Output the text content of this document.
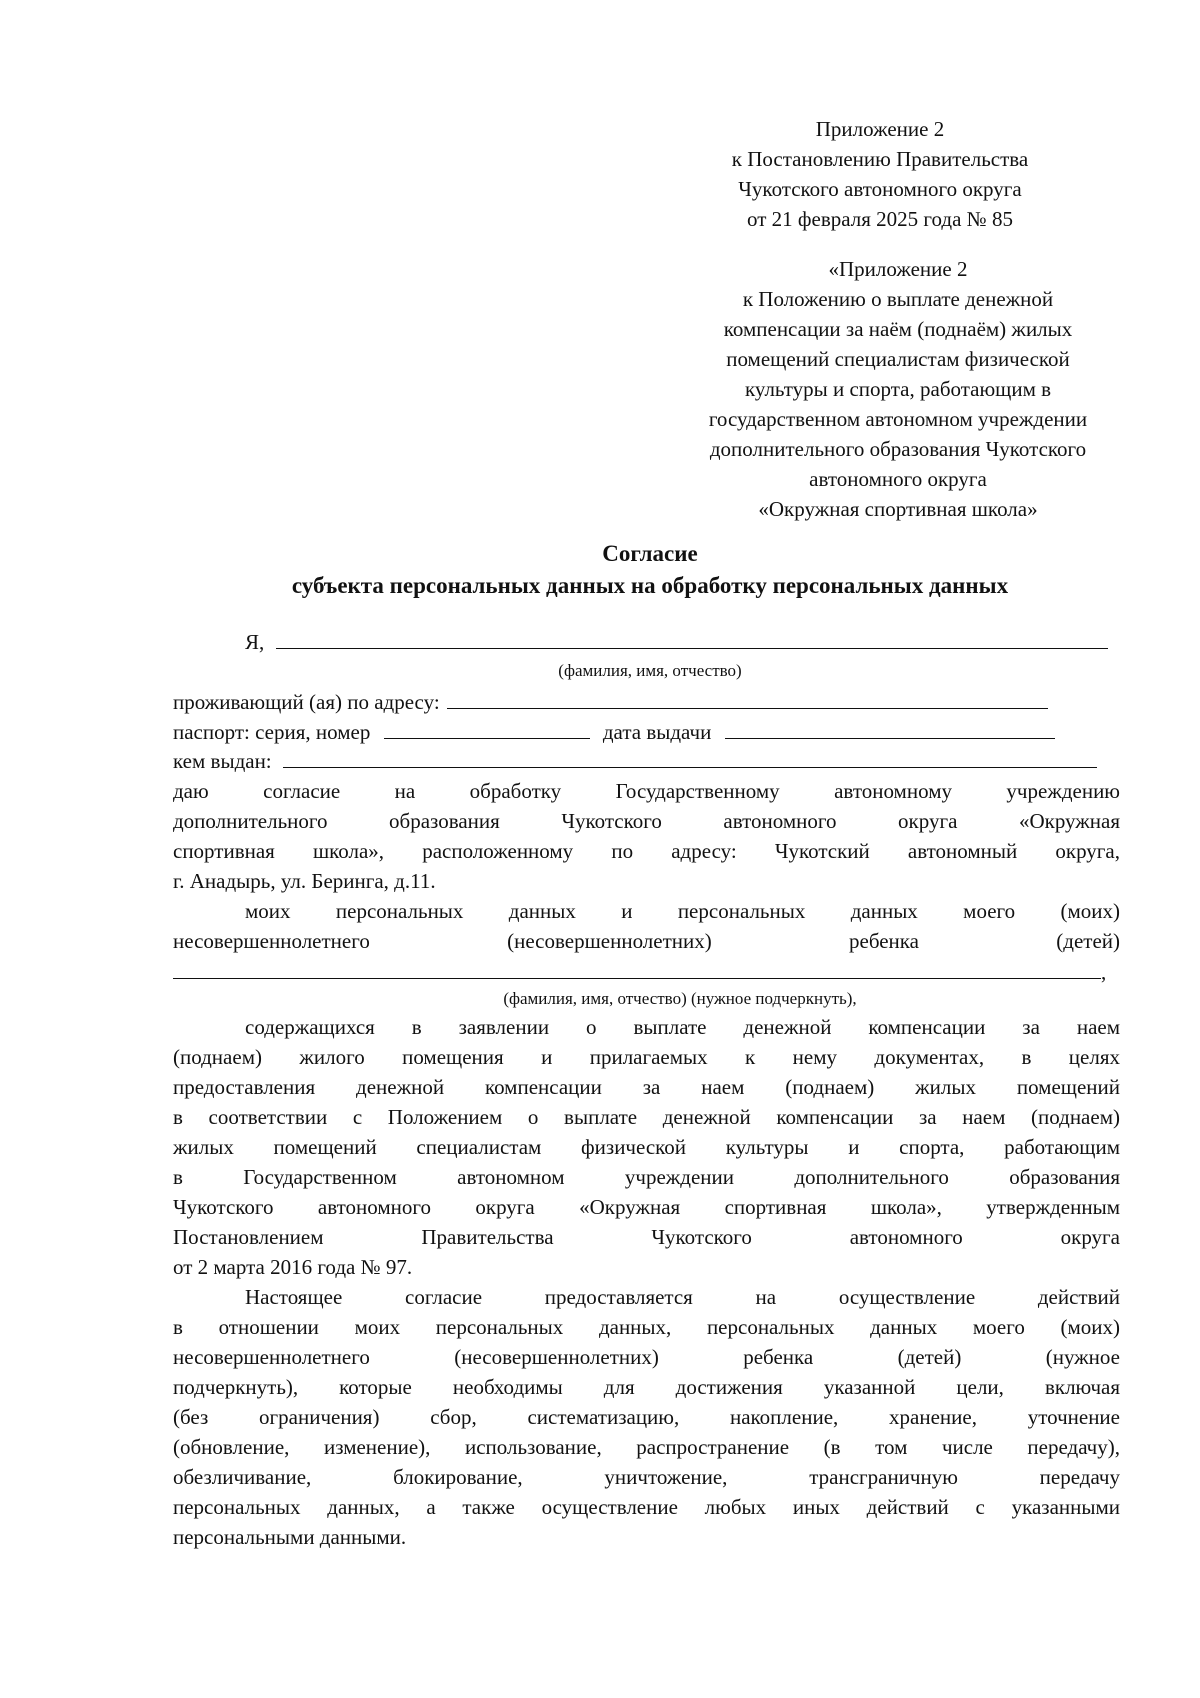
Приложение 2
к Постановлению Правительства
Чукотского автономного округа
от 21 февраля 2025 года № 85
«Приложение 2
к Положению о выплате денежной
компенсации за наём (поднаём) жилых
помещений специалистам физической
культуры и спорта, работающим в
государственном автономном учреждении
дополнительного образования Чукотского
автономного округа
«Окружная спортивная школа»
Согласие
субъекта персональных данных на обработку персональных данных
Я,
(фамилия, имя, отчество)
проживающий (ая) по адресу:
паспорт: серия, номер	дата выдачи
кем выдан:
даю согласие на обработку Государственному автономному учреждению
дополнительного образования Чукотского автономного округа «Окружная
спортивная школа», расположенному по адресу: Чукотский автономный округа,
г. Анадырь, ул. Беринга, д.11.
моих персональных данных и персональных данных моего (моих)
несовершеннолетнего (несовершеннолетних) ребенка (детей)
,
(фамилия, имя, отчество) (нужное подчеркнуть),
содержащихся в заявлении о выплате денежной компенсации за наем
(поднаем) жилого помещения и прилагаемых к нему документах, в целях
предоставления денежной компенсации за наем (поднаем) жилых помещений
в соответствии с Положением о выплате денежной компенсации за наем (поднаем)
жилых помещений специалистам физической культуры и спорта, работающим
в Государственном автономном учреждении дополнительного образования
Чукотского автономного округа «Окружная спортивная школа», утвержденным
Постановлением Правительства Чукотского автономного округа
от 2 марта 2016 года № 97.
Настоящее согласие предоставляется на осуществление действий
в отношении моих персональных данных, персональных данных моего (моих)
несовершеннолетнего (несовершеннолетних) ребенка (детей) (нужное
подчеркнуть), которые необходимы для достижения указанной цели, включая
(без ограничения) сбор, систематизацию, накопление, хранение, уточнение
(обновление, изменение), использование, распространение (в том числе передачу),
обезличивание, блокирование, уничтожение, трансграничную передачу
персональных данных, а также осуществление любых иных действий с указанными
персональными данными.
